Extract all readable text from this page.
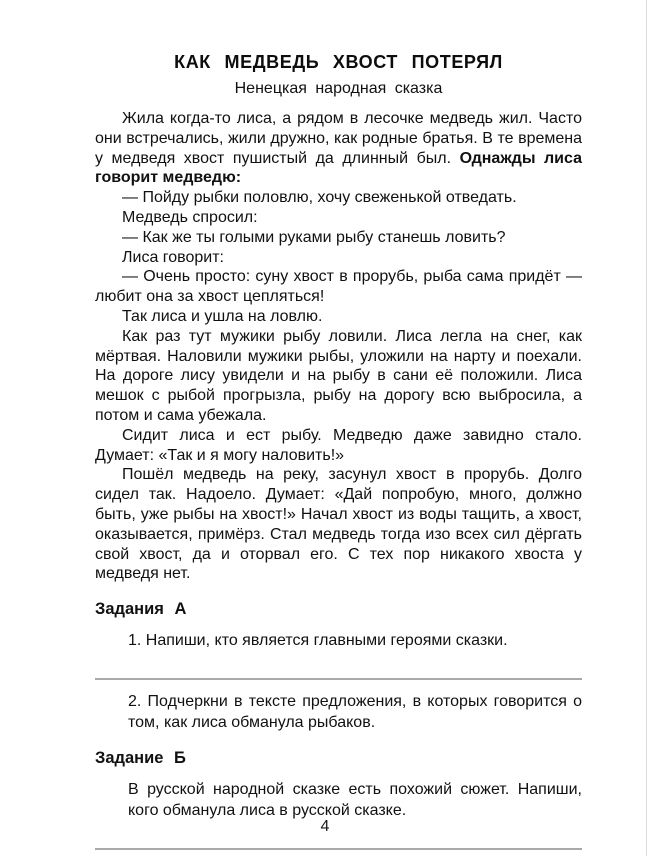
КАК МЕДВЕДЬ ХВОСТ ПОТЕРЯЛ
Ненецкая народная сказка

Жила когда-то лиса, а рядом в лесочке медведь жил. Часто они встречались, жили дружно, как родные братья. В те времена у медведя хвост пушистый да длинный был. Однажды лиса говорит медведю:

— Пойду рыбки половлю, хочу свеженькой отведать.

Медведь спросил:

— Как же ты голыми руками рыбу станешь ловить?

Лиса говорит:

— Очень просто: суну хвост в прорубь, рыба сама придёт — любит она за хвост цепляться!

Так лиса и ушла на ловлю.

Как раз тут мужики рыбу ловили. Лиса легла на снег, как мёртвая. Наловили мужики рыбы, уложили на нарту и поехали. На дороге лису увидели и на рыбу в сани её положили. Лиса мешок с рыбой прогрызла, рыбу на дорогу всю выбросила, а потом и сама убежала.

Сидит лиса и ест рыбу. Медведю даже завидно стало. Думает: «Так и я могу наловить!»

Пошёл медведь на реку, засунул хвост в прорубь. Долго сидел так. Надоело. Думает: «Дай попробую, много, должно быть, уже рыбы на хвост!» Начал хвост из воды тащить, а хвост, оказывается, примёрз. Стал медведь тогда изо всех сил дёргать свой хвост, да и оторвал его. С тех пор никакого хвоста у медведя нет.

Задания А

1. Напиши, кто является главными героями сказки.

2. Подчеркни в тексте предложения, в которых говорится о том, как лиса обманула рыбаков.

Задание Б

В русской народной сказке есть похожий сюжет. Напиши, кого обманула лиса в русской сказке.

4
